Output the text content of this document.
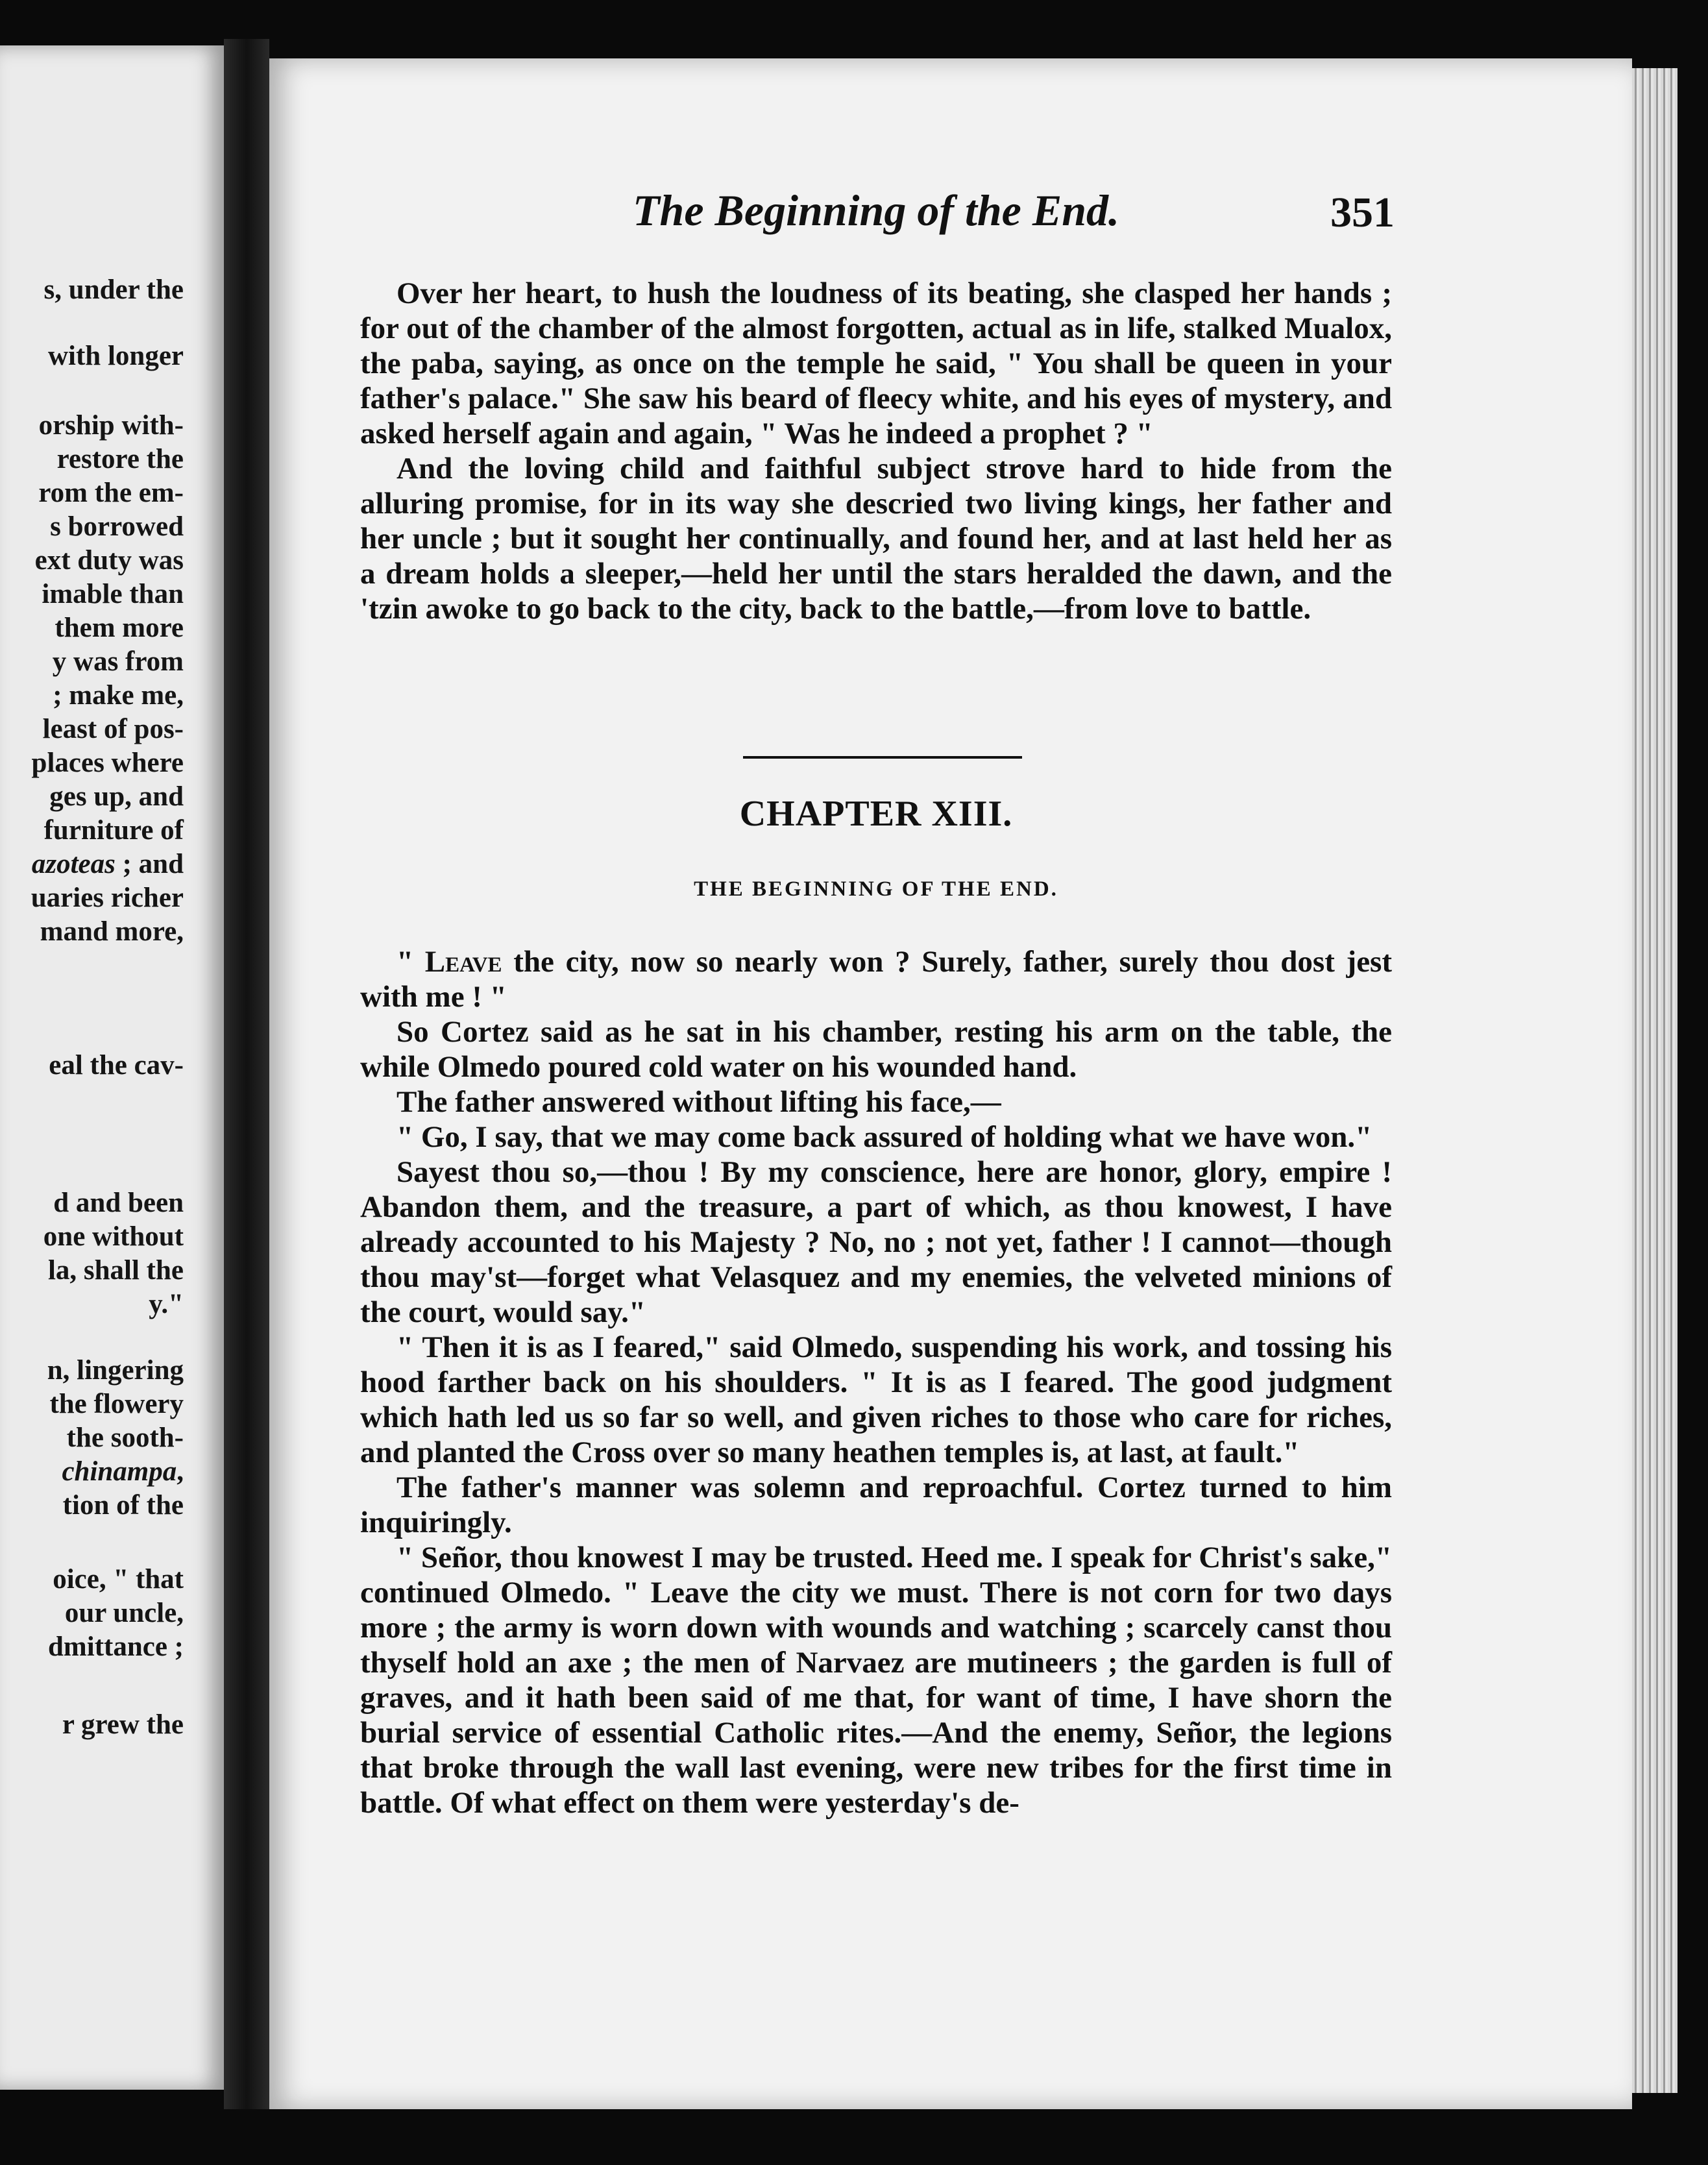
s, under the
with longer
orship with-
restore the
rom the em-
s borrowed
ext duty was
imable than
them more
y was from
; make me,
least of pos-
places where
ges up, and
furniture of
azoteas ; and
uaries richer
mand more,
eal the cav-
d and been
one without
la, shall the
y."
n, lingering
the flowery
the sooth-
chinampa,
tion of the
oice, " that
our uncle,
dmittance ;
r grew the
The Beginning of the End.	351

Over her heart, to hush the loudness of its beating, she clasped her hands ; for out of the chamber of the almost forgotten, actual as in life, stalked Mualox, the paba, saying, as once on the temple he said, " You shall be queen in your father's palace." She saw his beard of fleecy white, and his eyes of mystery, and asked herself again and again, " Was he indeed a prophet ? "

And the loving child and faithful subject strove hard to hide from the alluring promise, for in its way she descried two living kings, her father and her uncle ; but it sought her continually, and found her, and at last held her as a dream holds a sleeper,—held her until the stars heralded the dawn, and the 'tzin awoke to go back to the city, back to the battle,—from love to battle.

CHAPTER XIII.
THE BEGINNING OF THE END.

" Leave the city, now so nearly won ? Surely, father, surely thou dost jest with me ! "

So Cortez said as he sat in his chamber, resting his arm on the table, the while Olmedo poured cold water on his wounded hand.

The father answered without lifting his face,—

" Go, I say, that we may come back assured of holding what we have won."

Sayest thou so,—thou ! By my conscience, here are honor, glory, empire ! Abandon them, and the treasure, a part of which, as thou knowest, I have already accounted to his Majesty ? No, no ; not yet, father ! I cannot—though thou may'st—forget what Velasquez and my enemies, the velveted minions of the court, would say."

" Then it is as I feared," said Olmedo, suspending his work, and tossing his hood farther back on his shoulders. " It is as I feared. The good judgment which hath led us so far so well, and given riches to those who care for riches, and planted the Cross over so many heathen temples is, at last, at fault."

The father's manner was solemn and reproachful. Cortez turned to him inquiringly.

" Señor, thou knowest I may be trusted. Heed me. I speak for Christ's sake," continued Olmedo. " Leave the city we must. There is not corn for two days more ; the army is worn down with wounds and watching ; scarcely canst thou thyself hold an axe ; the men of Narvaez are mutineers ; the garden is full of graves, and it hath been said of me that, for want of time, I have shorn the burial service of essential Catholic rites.—And the enemy, Señor, the legions that broke through the wall last evening, were new tribes for the first time in battle. Of what effect on them were yesterday's de-
